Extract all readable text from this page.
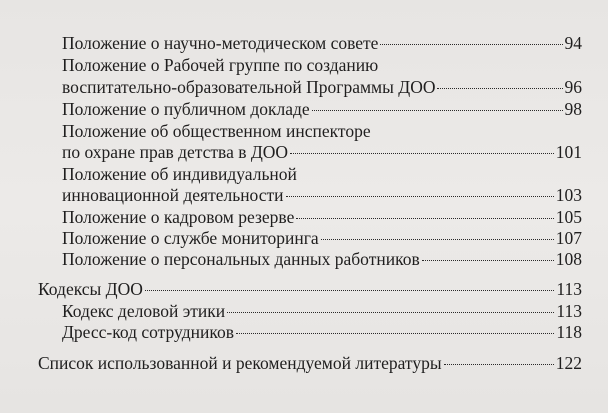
Положение о научно-методическом совете	94
Положение о Рабочей группе по созданию
воспитательно-образовательной Программы ДОО	96
Положение о публичном докладе	98
Положение об общественном инспекторе
по охране прав детства в ДОО	101
Положение об индивидуальной
инновационной деятельности	103
Положение о кадровом резерве	105
Положение о службе мониторинга	107
Положение о персональных данных работников	108
Кодексы ДОО	113
Кодекс деловой этики	113
Дресс-код сотрудников	118
Список использованной и рекомендуемой литературы	122
